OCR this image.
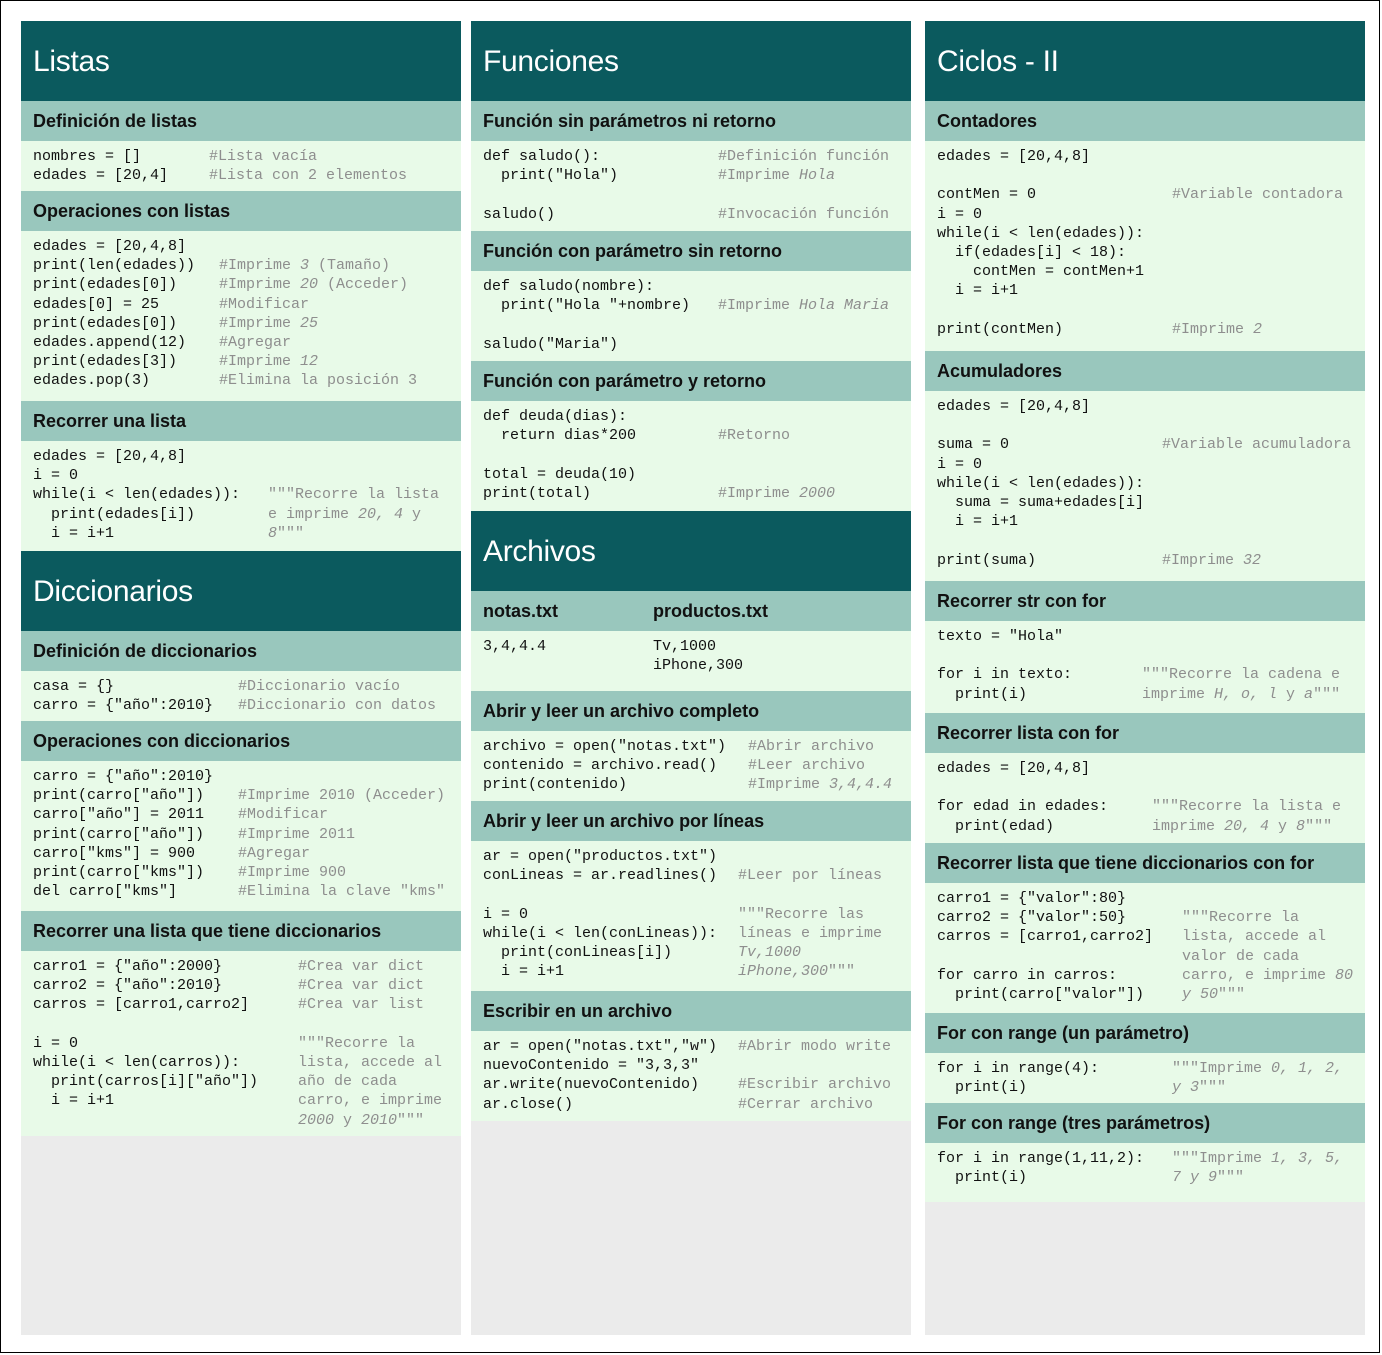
Listas
Definición de listas
nombres = []	#Lista vacía
edades = [20,4]	#Lista con 2 elementos
Operaciones con listas
edades = [20,4,8]
print(len(edades)) #Imprime 3 (Tamaño)
print(edades[0])	#Imprime 20 (Acceder)
edades[0] = 25	#Modificar
print(edades[0])	#Imprime 25
edades.append(12) #Agregar
print(edades[3])	#Imprime 12
edades.pop(3)	#Elimina la posición 3
Recorrer una lista
edades = [20,4,8]
i = 0
while(i < len(edades)): """Recorre la lista
print(edades[i])	e imprime 20, 4 y
i = i+1	8"""
Diccionarios
Definición de diccionarios
casa = {}	#Diccionario vacío
carro = {"año":2010} #Diccionario con datos
Operaciones con diccionarios
carro = {"año":2010}
print(carro["año"]) #Imprime 2010 (Acceder)
carro["año"] = 2011 #Modificar
print(carro["año"]) #Imprime 2011
carro["kms"] = 900	#Agregar
print(carro["kms"]) #Imprime 900
del carro["kms"]	#Elimina la clave "kms"
Recorrer una lista que tiene diccionarios
carro1 = {"año":2000}	#Crea var dict
carro2 = {"año":2010}	#Crea var dict
carros = [carro1,carro2]	#Crea var list
i = 0	"""Recorre la
while(i < len(carros)):	lista, accede al
print(carros[i]["año"])	año de cada
i = i+1	carro, e imprime
2000 y 2010"""
Funciones
Función sin parámetros ni retorno
def saludo():	#Definición función
print("Hola")	#Imprime Hola
saludo()	#Invocación función
Función con parámetro sin retorno
def saludo(nombre):
print("Hola "+nombre) #Imprime Hola Maria
saludo("Maria")
Función con parámetro y retorno
def deuda(dias):
return dias*200	#Retorno
total = deuda(10)
print(total)	#Imprime 2000
Archivos
notas.txt	productos.txt
3,4,4.4	Tv,1000
iPhone,300
Abrir y leer un archivo completo
archivo = open("notas.txt") #Abrir archivo
contenido = archivo.read() #Leer archivo
print(contenido)	#Imprime 3,4,4.4
Abrir y leer un archivo por líneas
ar = open("productos.txt")
conLineas = ar.readlines() #Leer por líneas
i = 0	"""Recorre las
while(i < len(conLineas)): líneas e imprime
print(conLineas[i])	Tv,1000
i = i+1	iPhone,300"""
Escribir en un archivo
ar = open("notas.txt","w") #Abrir modo write
nuevoContenido = "3,3,3"
ar.write(nuevoContenido)	#Escribir archivo
ar.close()	#Cerrar archivo
Ciclos - II
Contadores
edades = [20,4,8]
contMen = 0	#Variable contadora
i = 0
while(i < len(edades)):
if(edades[i] < 18):
contMen = contMen+1
i = i+1
print(contMen)	#Imprime 2
Acumuladores
edades = [20,4,8]
suma = 0	#Variable acumuladora
i = 0
while(i < len(edades)):
suma = suma+edades[i]
i = i+1
print(suma)	#Imprime 32
Recorrer str con for
texto = "Hola"
for i in texto:	"""Recorre la cadena e
print(i)	imprime H, o, l y a"""
Recorrer lista con for
edades = [20,4,8]
for edad in edades:	"""Recorre la lista e
print(edad)	imprime 20, 4 y 8"""
Recorrer lista que tiene diccionarios con for
carro1 = {"valor":80}
carro2 = {"valor":50}	"""Recorre la
carros = [carro1,carro2] lista, accede al
valor de cada
for carro in carros:	carro, e imprime 80
print(carro["valor"])	y 50"""
For con range (un parámetro)
for i in range(4):	"""Imprime 0, 1, 2,
print(i)	y 3"""
For con range (tres parámetros)
for i in range(1,11,2): """Imprime 1, 3, 5,
print(i)	7 y 9"""
